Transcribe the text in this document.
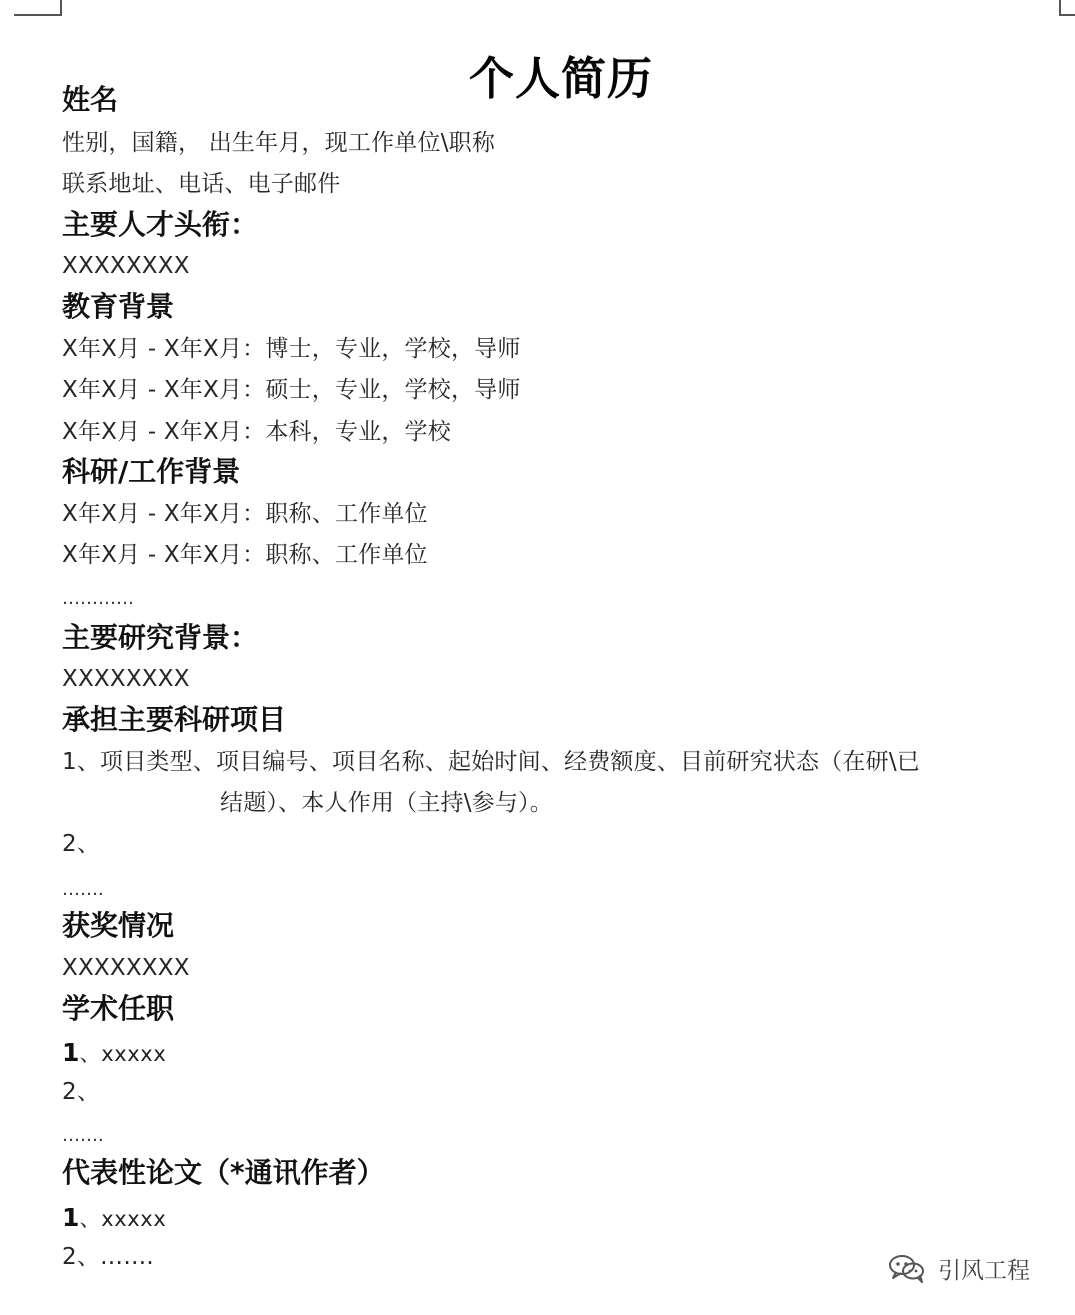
个人简历
姓名
性别，国籍， 出生年月，现工作单位\职称
联系地址、电话、电子邮件
主要人才头衔：
XXXXXXXX
教育背景
X年X月 - X年X月：博士，专业，学校，导师
X年X月 - X年X月：硕士，专业，学校，导师
X年X月 - X年X月：本科，专业，学校
科研/工作背景
X年X月 - X年X月：职称、工作单位
X年X月 - X年X月：职称、工作单位
…………
主要研究背景：
XXXXXXXX
承担主要科研项目
1、项目类型、项目编号、项目名称、起始时间、经费额度、目前研究状态（在研\已
结题）、本人作用（主持\参与）。
2、
…….
获奖情况
XXXXXXXX
学术任职
1、xxxxx
2、
…….
代表性论文（*通讯作者）
1、xxxxx
2、…….
引风工程
